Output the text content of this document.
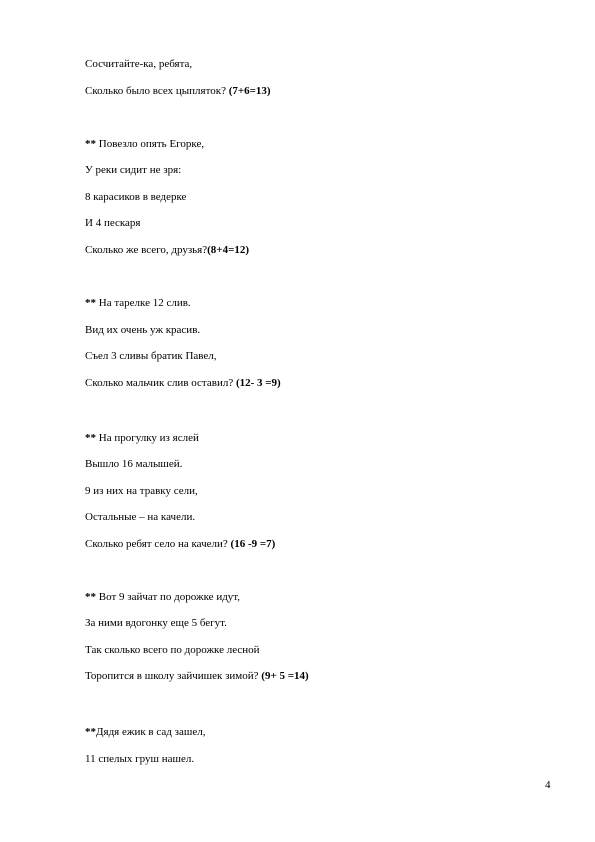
Сосчитайте-ка, ребята,
Сколько было всех цыпляток? (7+6=13)
** Повезло опять Егорке,
У реки сидит не зря:
8 карасиков в ведерке
И 4 пескаря
Сколько же всего, друзья?(8+4=12)
** На тарелке 12 слив.
Вид их очень уж красив.
Съел 3 сливы братик Павел,
Сколько мальчик слив оставил? (12- 3 =9)
** На прогулку из яслей
Вышло 16 малышей.
9 из них на травку сели,
Остальные – на качели.
Сколько ребят село на качели? (16 -9 =7)
** Вот 9 зайчат по дорожке идут,
За ними вдогонку еще 5 бегут.
Так сколько всего по дорожке лесной
Торопится в школу зайчишек зимой? (9+ 5 =14)
**Дядя ежик в сад зашел,
11 спелых груш нашел.
4
